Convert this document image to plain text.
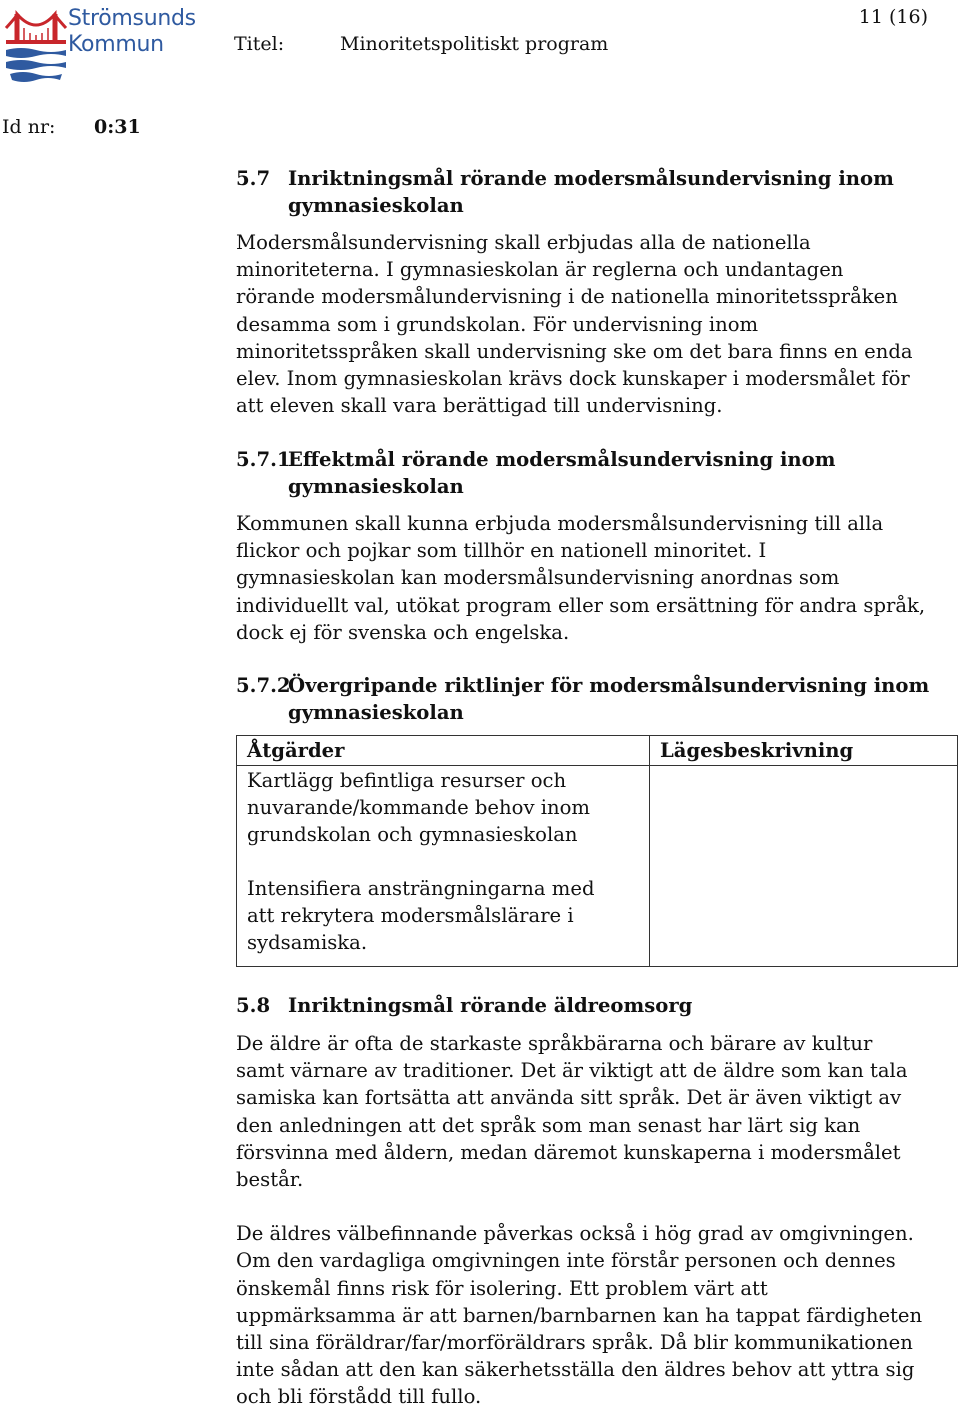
Strömsunds
Kommun	Titel:	Minoritetspolitiskt program
11 (16)
Id nr: 0:31
5.7 Inriktningsmål rörande modersmålsundervisning inom gymnasieskolan

Modersmålsundervisning skall erbjudas alla de nationella minoriteterna. I gymnasieskolan är reglerna och undantagen rörande modersmålundervisning i de nationella minoritetsspråken desamma som i grundskolan. För undervisning inom minoritetsspråken skall undervisning ske om det bara finns en enda elev. Inom gymnasieskolan krävs dock kunskaper i modersmålet för att eleven skall vara berättigad till undervisning.

5.7.1
Effektmål rörande modersmålsundervisning inom gymnasieskolan

Kommunen skall kunna erbjuda modersmålsundervisning till alla flickor och pojkar som tillhör en nationell minoritet. I gymnasieskolan kan modersmålsundervisning anordnas som individuellt val, utökat program eller som ersättning för andra språk, dock ej för svenska och engelska.

5.7.2
Övergripande riktlinjer för modersmålsundervisning inom gymnasieskolan
Åtgärder	Lägesbeskrivning

Kartlägg befintliga resurser och nuvarande/kommande behov inom grundskolan och gymnasieskolan

Intensifiera ansträngningarna med att rekrytera modersmålslärare i sydsamiska.	

5.8 Inriktningsmål rörande äldreomsorg

De äldre är ofta de starkaste språkbärarna och bärare av kultur samt värnare av traditioner. Det är viktigt att de äldre som kan tala samiska kan fortsätta att använda sitt språk. Det är även viktigt av den anledningen att det språk som man senast har lärt sig kan försvinna med åldern, medan däremot kunskaperna i modersmålet består.

De äldres välbefinnande påverkas också i hög grad av omgivningen. Om den vardagliga omgivningen inte förstår personen och dennes önskemål finns risk för isolering. Ett problem värt att uppmärksamma är att barnen/barnbarnen kan ha tappat färdigheten till sina föräldrar/far/morföräldrars språk. Då blir kommunikationen inte sådan att den kan säkerhetsställa den äldres behov att yttra sig och bli förstådd till fullo.
